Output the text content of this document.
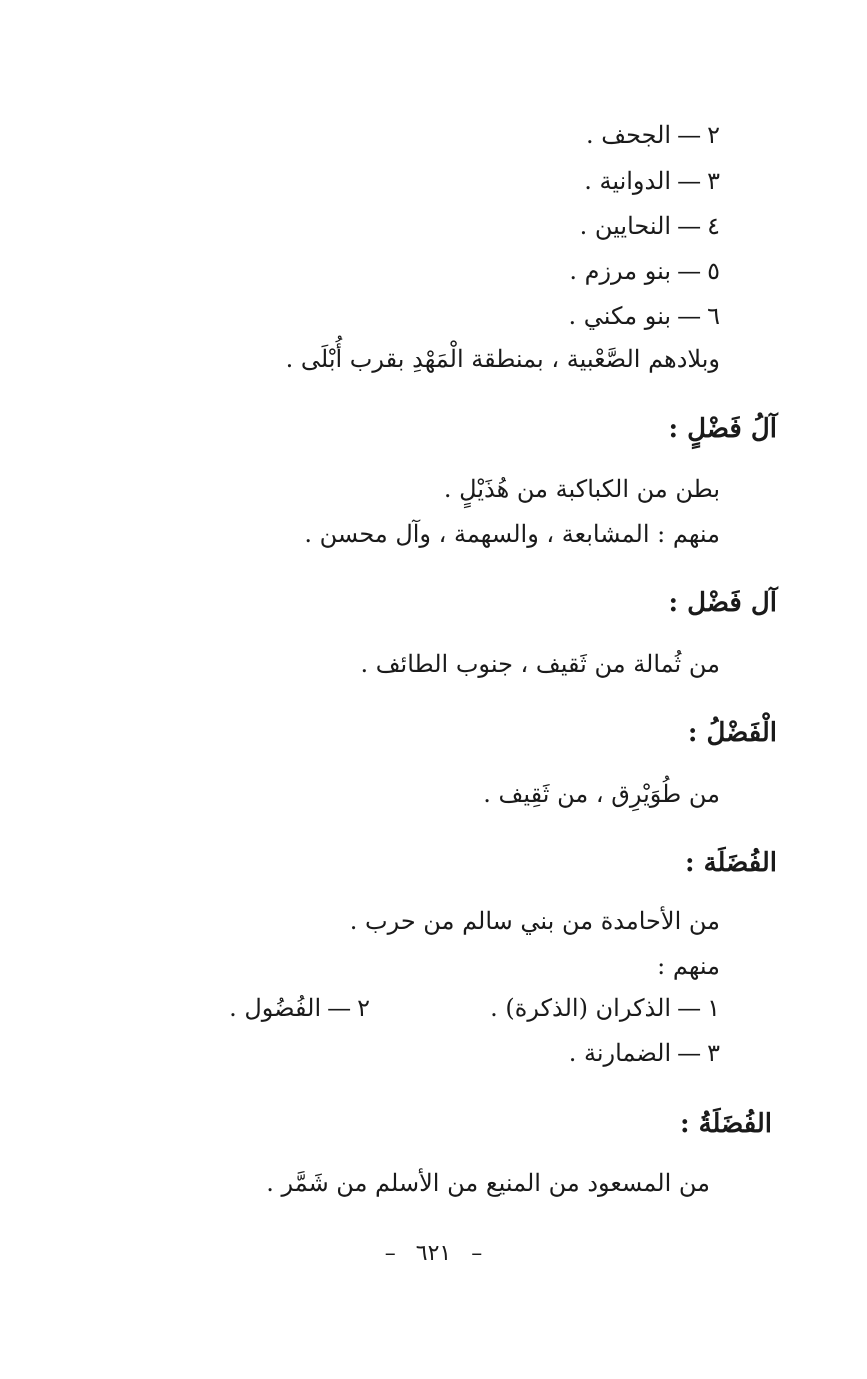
٢—الجحف .
٣—الدوانية .
٤—النحايين .
٥—بنو مرزم .
٦—بنو مكني .
وبلادهم الصَّعْبية ، بمنطقة الْمَهْدِ بقرب أُبْلَى .
آلُ فَضْلٍ :
بطن من الكباكبة من هُذَيْلٍ .
منهم : المشابعة ، والسهمة ، وآل محسن .
آل فَضْل :
من ثُمالة من ثَقيف ، جنوب الطائف .
الْفَضْلُ :
من طُوَيْرِق ، من ثَقِيف .
الفُضَلَة :
من الأحامدة من بني سالم من حرب .
منهم :
١—الذكران (الذكرة) .
٢—الفُضُول .
٣—الضمارنة .
الفُضَلَةُ :
من المسعود من المنيع من الأسلم من شَمَّر .
– ٦٢١ –
